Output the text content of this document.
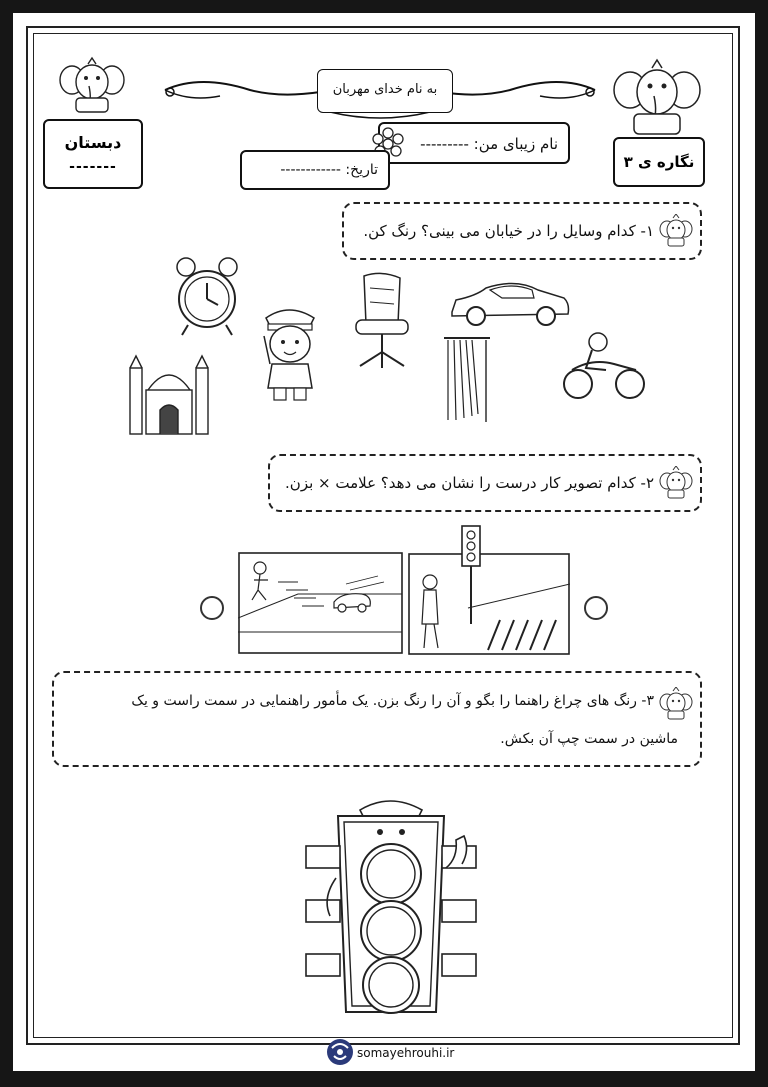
دبستان
-------
به نام خدای مهربان
نام زیبای من: ---------
تاریخ: ------------	نگاره ی ۳
۱- کدام وسایل را در خیابان می بینی؟ رنگ کن.
۲- کدام تصویر کار درست را نشان می دهد؟ علامت × بزن.
۳- رنگ های چراغ راهنما را بگو و آن را رنگ بزن. یک مأمور راهنمایی در سمت راست و یک
ماشین در سمت چپ آن بکش.
somayehrouhi.ir
